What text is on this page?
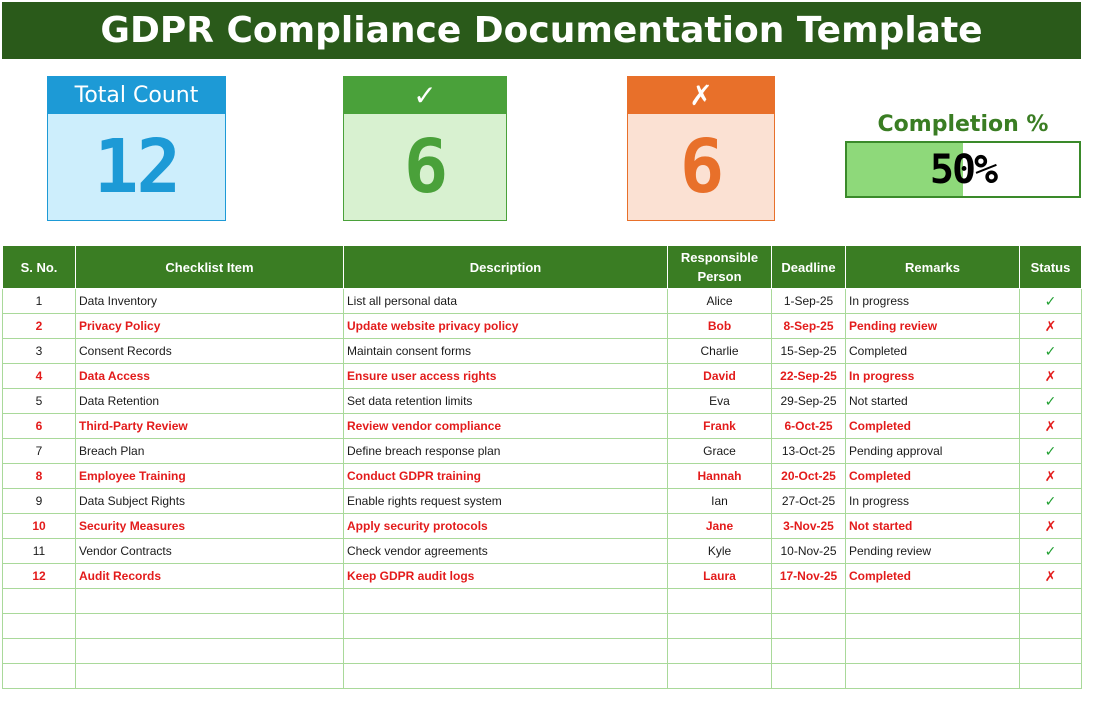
GDPR Compliance Documentation Template
Total Count
12
✓
6
✗
6	Completion %
50%
S. No.	Checklist Item	Description	Responsible Person	Deadline	Remarks	Status
1	Data Inventory	List all personal data	Alice	1-Sep-25	In progress	✓
2	Privacy Policy	Update website privacy policy	Bob	8-Sep-25	Pending review	✗
3	Consent Records	Maintain consent forms	Charlie	15-Sep-25	Completed	✓
4	Data Access	Ensure user access rights	David	22-Sep-25	In progress	✗
5	Data Retention	Set data retention limits	Eva	29-Sep-25	Not started	✓
6	Third-Party Review	Review vendor compliance	Frank	6-Oct-25	Completed	✗
7	Breach Plan	Define breach response plan	Grace	13-Oct-25	Pending approval	✓
8	Employee Training	Conduct GDPR training	Hannah	20-Oct-25	Completed	✗
9	Data Subject Rights	Enable rights request system	Ian	27-Oct-25	In progress	✓
10	Security Measures	Apply security protocols	Jane	3-Nov-25	Not started	✗
11	Vendor Contracts	Check vendor agreements	Kyle	10-Nov-25	Pending review	✓
12	Audit Records	Keep GDPR audit logs	Laura	17-Nov-25	Completed	✗
